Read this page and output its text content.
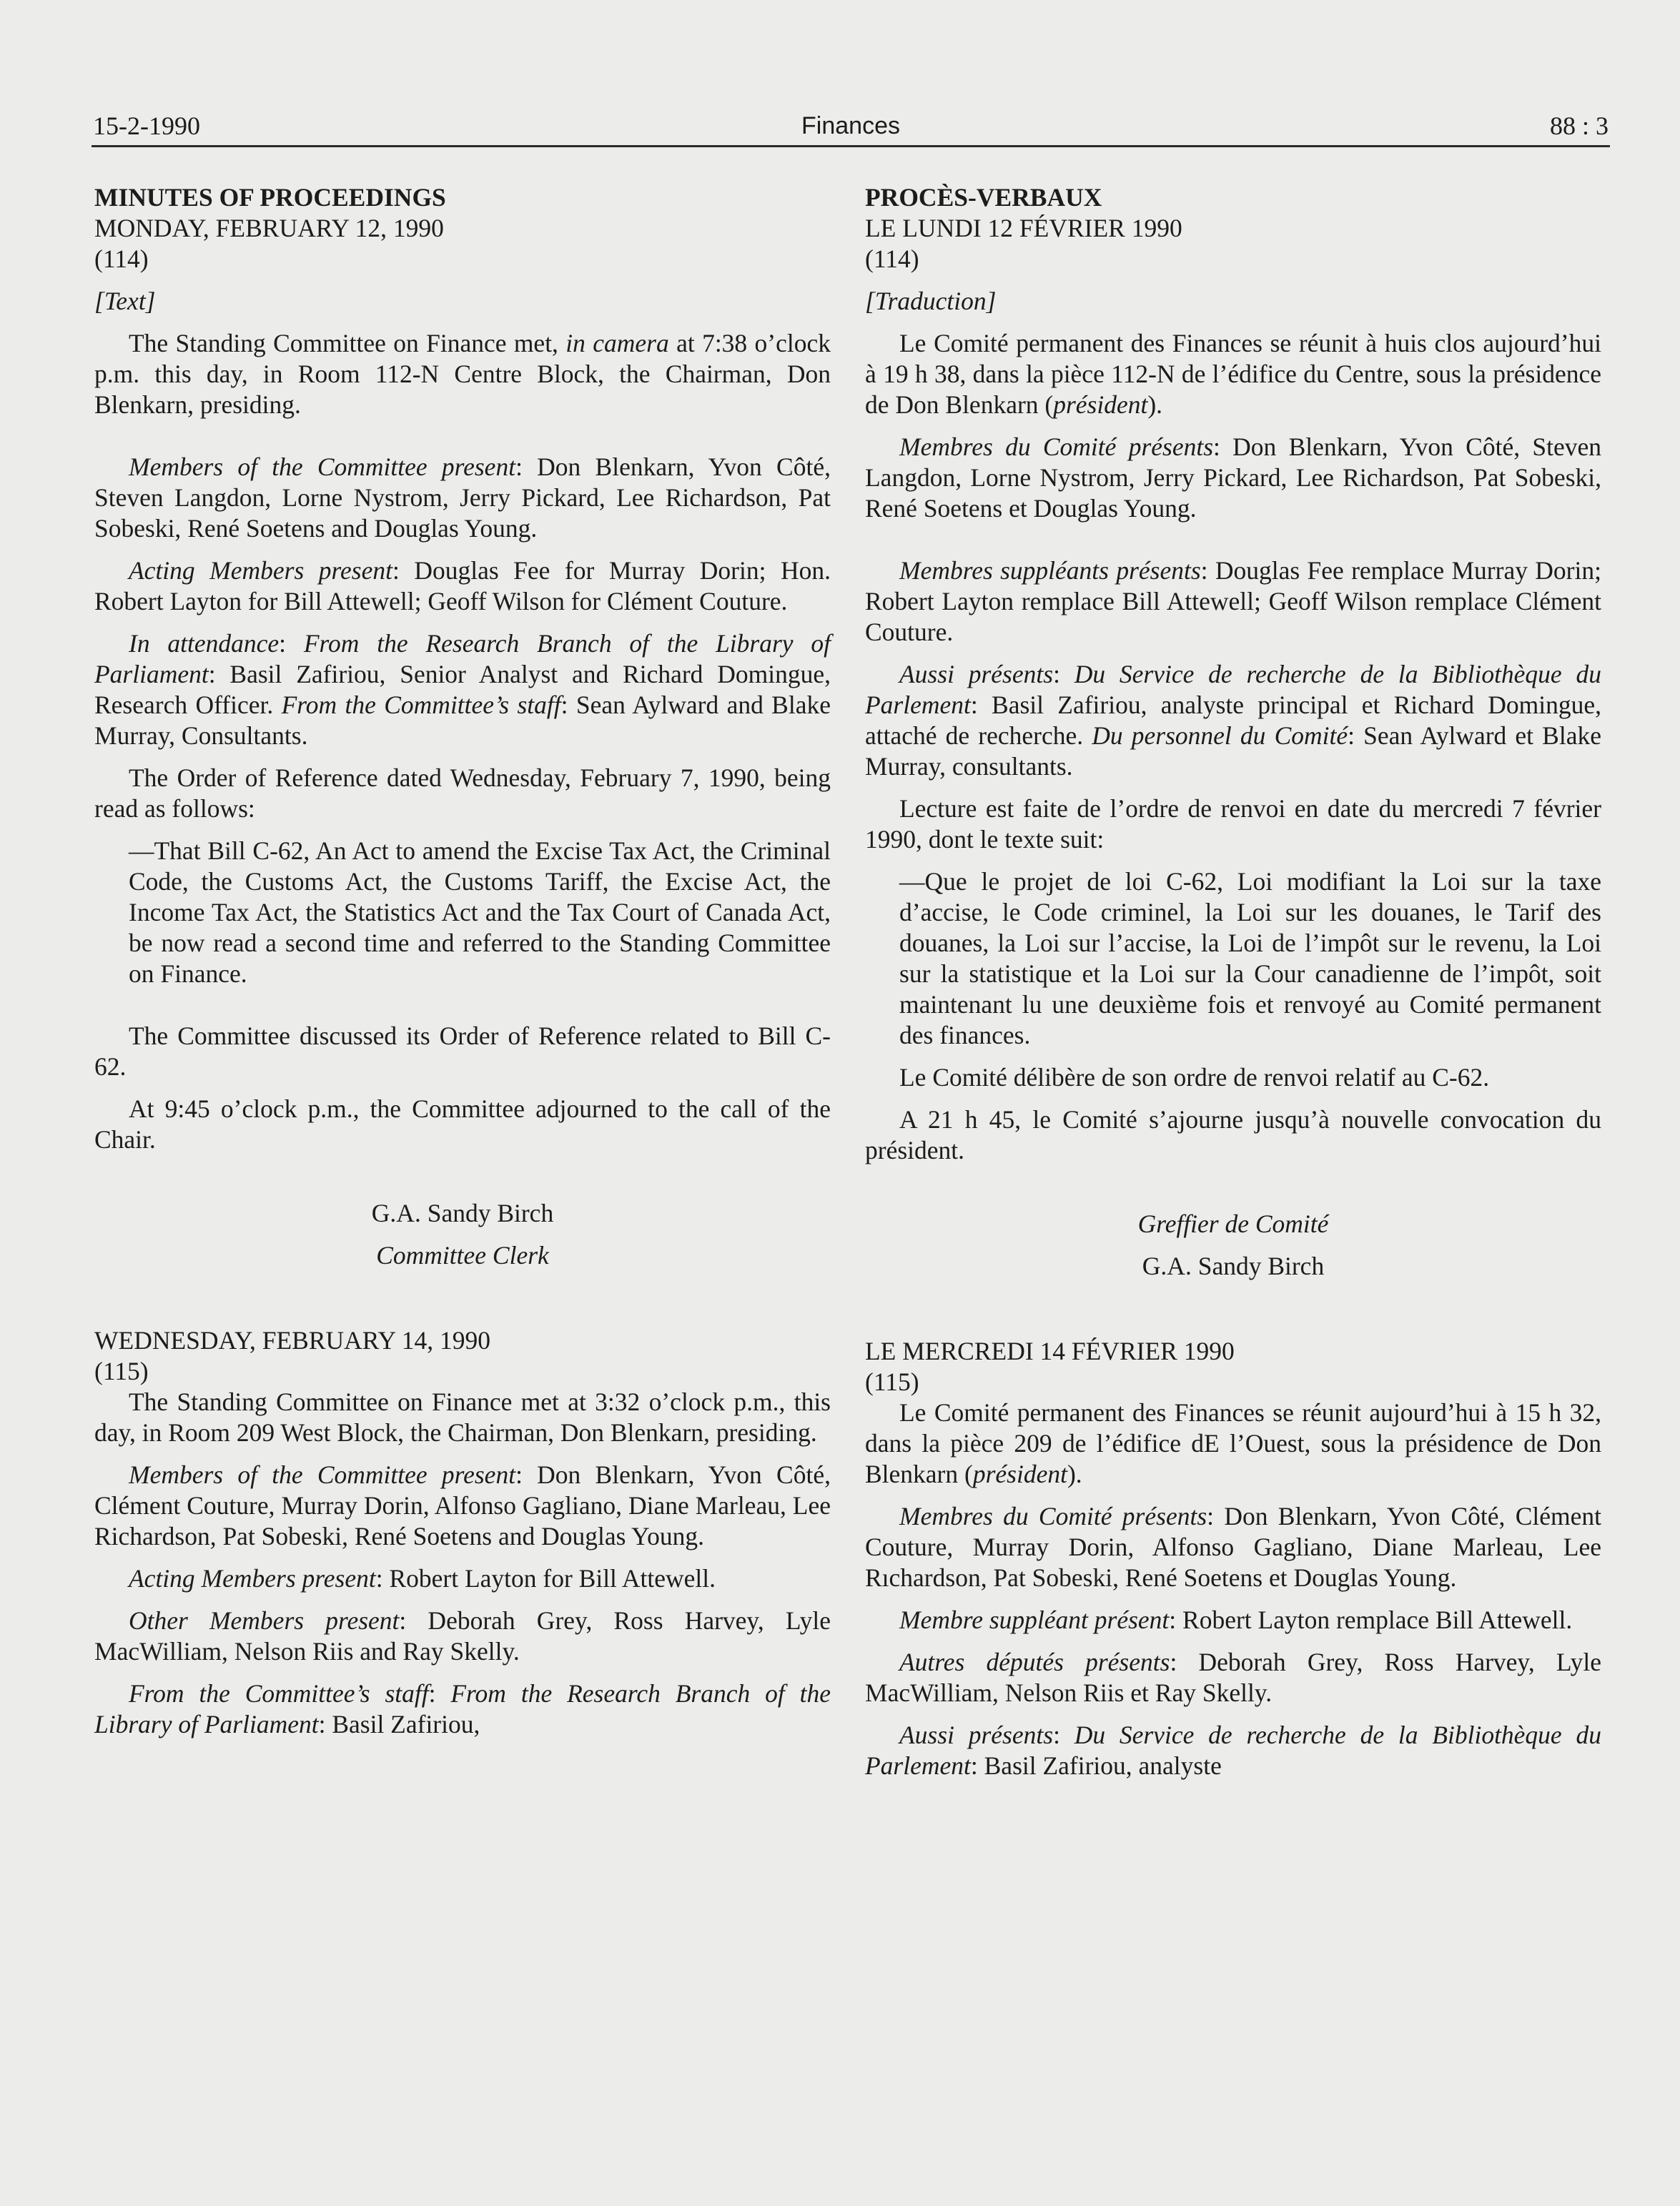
15-2-1990	Finances	88 : 3

MINUTES OF PROCEEDINGS

MONDAY, FEBRUARY 12, 1990

(114)

[Text]

The Standing Committee on Finance met, in camera at 7:38 o’clock p.m. this day, in Room 112-N Centre Block, the Chairman, Don Blenkarn, presiding.

Members of the Committee present: Don Blenkarn, Yvon Côté, Steven Langdon, Lorne Nystrom, Jerry Pickard, Lee Richardson, Pat Sobeski, René Soetens and Douglas Young.

Acting Members present: Douglas Fee for Murray Dorin; Hon. Robert Layton for Bill Attewell; Geoff Wilson for Clément Couture.

In attendance: From the Research Branch of the Library of Parliament: Basil Zafiriou, Senior Analyst and Richard Domingue, Research Officer. From the Committee’s staff: Sean Aylward and Blake Murray, Consultants.

The Order of Reference dated Wednesday, February 7, 1990, being read as follows:

—That Bill C-62, An Act to amend the Excise Tax Act, the Criminal Code, the Customs Act, the Customs Tariff, the Excise Act, the Income Tax Act, the Statistics Act and the Tax Court of Canada Act, be now read a second time and referred to the Standing Committee on Finance.

The Committee discussed its Order of Reference related to Bill C-62.

At 9:45 o’clock p.m., the Committee adjourned to the call of the Chair.

G.A. Sandy Birch

Committee Clerk

WEDNESDAY, FEBRUARY 14, 1990

(115)

The Standing Committee on Finance met at 3:32 o’clock p.m., this day, in Room 209 West Block, the Chairman, Don Blenkarn, presiding.

Members of the Committee present: Don Blenkarn, Yvon Côté, Clément Couture, Murray Dorin, Alfonso Gagliano, Diane Marleau, Lee Richardson, Pat Sobeski, René Soetens and Douglas Young.

Acting Members present: Robert Layton for Bill Attewell.

Other Members present: Deborah Grey, Ross Harvey, Lyle MacWilliam, Nelson Riis and Ray Skelly.

From the Committee’s staff: From the Research Branch of the Library of Parliament: Basil Zafiriou,

PROCÈS-VERBAUX

LE LUNDI 12 FÉVRIER 1990

(114)

[Traduction]

Le Comité permanent des Finances se réunit à huis clos aujourd’hui à 19 h 38, dans la pièce 112-N de l’édifice du Centre, sous la présidence de Don Blenkarn (président).

Membres du Comité présents: Don Blenkarn, Yvon Côté, Steven Langdon, Lorne Nystrom, Jerry Pickard, Lee Richardson, Pat Sobeski, René Soetens et Douglas Young.

Membres suppléants présents: Douglas Fee remplace Murray Dorin; Robert Layton remplace Bill Attewell; Geoff Wilson remplace Clément Couture.

Aussi présents: Du Service de recherche de la Bibliothèque du Parlement: Basil Zafiriou, analyste principal et Richard Domingue, attaché de recherche. Du personnel du Comité: Sean Aylward et Blake Murray, consultants.

Lecture est faite de l’ordre de renvoi en date du mercredi 7 février 1990, dont le texte suit:

—Que le projet de loi C-62, Loi modifiant la Loi sur la taxe d’accise, le Code criminel, la Loi sur les douanes, le Tarif des douanes, la Loi sur l’accise, la Loi de l’impôt sur le revenu, la Loi sur la statistique et la Loi sur la Cour canadienne de l’impôt, soit maintenant lu une deuxième fois et renvoyé au Comité permanent des finances.

Le Comité délibère de son ordre de renvoi relatif au C-62.

A 21 h 45, le Comité s’ajourne jusqu’à nouvelle convocation du président.

Greffier de Comité

G.A. Sandy Birch

LE MERCREDI 14 FÉVRIER 1990

(115)

Le Comité permanent des Finances se réunit aujourd’hui à 15 h 32, dans la pièce 209 de l’édifice dE l’Ouest, sous la présidence de Don Blenkarn (président).

Membres du Comité présents: Don Blenkarn, Yvon Côté, Clément Couture, Murray Dorin, Alfonso Gagliano, Diane Marleau, Lee Rıchardson, Pat Sobeski, René Soetens et Douglas Young.

Membre suppléant présent: Robert Layton remplace Bill Attewell.

Autres députés présents: Deborah Grey, Ross Harvey, Lyle MacWilliam, Nelson Riis et Ray Skelly.

Aussi présents: Du Service de recherche de la Bibliothèque du Parlement: Basil Zafiriou, analyste
